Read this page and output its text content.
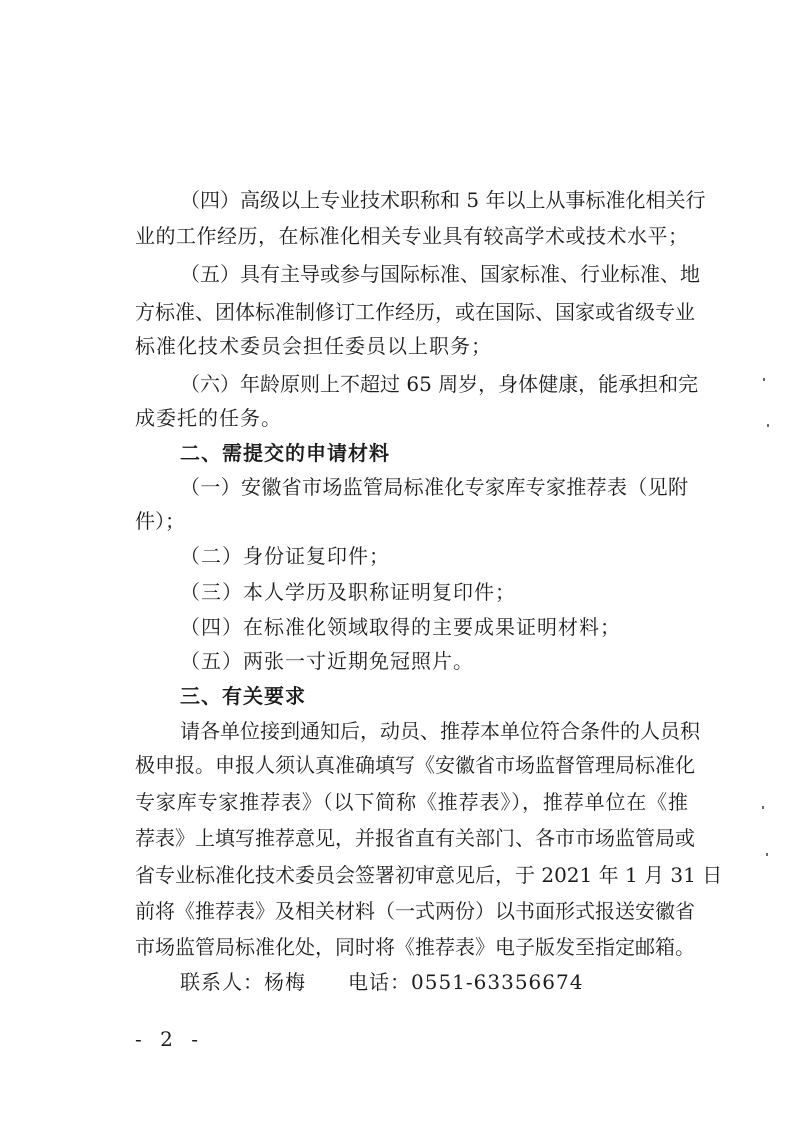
（四）高级以上专业技术职称和 5 年以上从事标准化相关行
业的工作经历，在标准化相关专业具有较高学术或技术水平；
（五）具有主导或参与国际标准、国家标准、行业标准、地
方标准、团体标准制修订工作经历，或在国际、国家或省级专业
标准化技术委员会担任委员以上职务；
（六）年龄原则上不超过 65 周岁，身体健康，能承担和完
成委托的任务。
二、需提交的申请材料
（一）安徽省市场监管局标准化专家库专家推荐表（见附
件）；
（二）身份证复印件；
（三）本人学历及职称证明复印件；
（四）在标准化领域取得的主要成果证明材料；
（五）两张一寸近期免冠照片。
三、有关要求
请各单位接到通知后，动员、推荐本单位符合条件的人员积
极申报。申报人须认真准确填写《安徽省市场监督管理局标准化
专家库专家推荐表》（以下简称《推荐表》），推荐单位在《推
荐表》上填写推荐意见，并报省直有关部门、各市市场监管局或
省专业标准化技术委员会签署初审意见后，于 2021 年 1 月 31 日
前将《推荐表》及相关材料（一式两份）以书面形式报送安徽省
市场监管局标准化处，同时将《推荐表》电子版发至指定邮箱。
联系人：杨梅　　电话：0551-63356674
- 2 -
